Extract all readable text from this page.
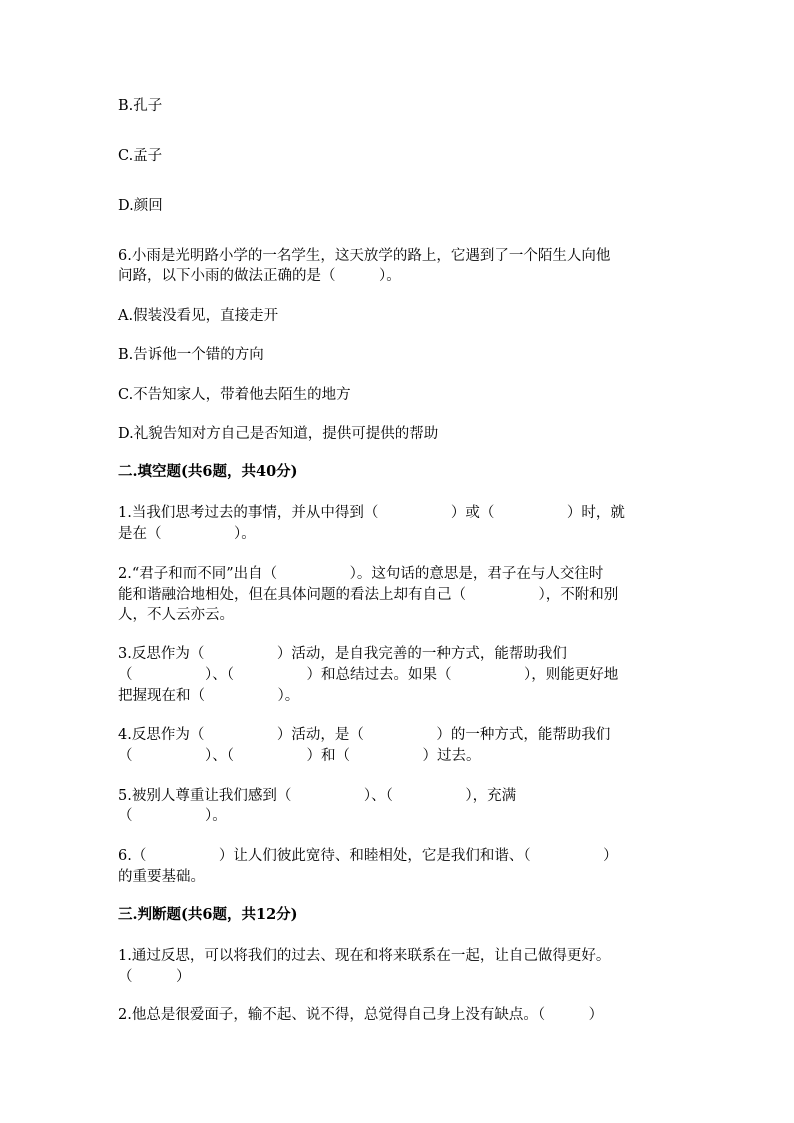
B.孔子
C.孟子
D.颜回
6.小雨是光明路小学的一名学生，这天放学的路上，它遇到了一个陌生人向他
问路，以下小雨的做法正确的是（　　　）。
A.假装没看见，直接走开
B.告诉他一个错的方向
C.不告知家人，带着他去陌生的地方
D.礼貌告知对方自己是否知道，提供可提供的帮助
二.填空题(共6题，共40分)
1.当我们思考过去的事情，并从中得到（　　　　　）或（　　　　　）时，就
是在（　　　　　）。
2.“君子和而不同”出自（　　　　　）。这句话的意思是，君子在与人交往时
能和谐融洽地相处，但在具体问题的看法上却有自己（　　　　　），不附和别
人，不人云亦云。
3.反思作为（　　　　　）活动，是自我完善的一种方式，能帮助我们
（　　　　　）、（　　　　　）和总结过去。如果（　　　　　），则能更好地
把握现在和（　　　　　）。
4.反思作为（　　　　　）活动，是（　　　　　）的一种方式，能帮助我们
（　　　　　）、（　　　　　）和（　　　　　）过去。
5.被别人尊重让我们感到（　　　　　）、（　　　　　），充满
（　　　　　）。
6.（　　　　　）让人们彼此宽待、和睦相处，它是我们和谐、（　　　　　）
的重要基础。
三.判断题(共6题，共12分)
1.通过反思，可以将我们的过去、现在和将来联系在一起，让自己做得更好。
（　　　）
2.他总是很爱面子，输不起、说不得，总觉得自己身上没有缺点。（　　　）
